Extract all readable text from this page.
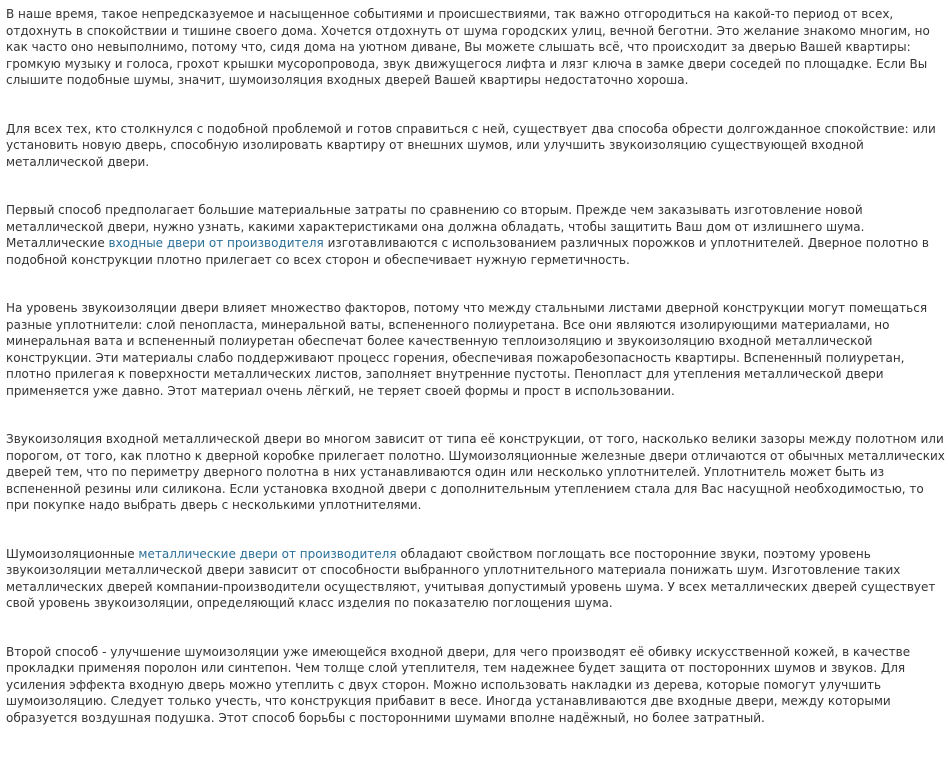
В наше время, такое непредсказуемое и насыщенное событиями и происшествиями, так важно отгородиться на какой-то период от всех, отдохнуть в спокойствии и тишине своего дома. Хочется отдохнуть от шума городских улиц, вечной беготни. Это желание знакомо многим, но как часто оно невыполнимо, потому что, сидя дома на уютном диване, Вы можете слышать всё, что происходит за дверью Вашей квартиры: громкую музыку и голоса, грохот крышки мусоропровода, звук движущегося лифта и лязг ключа в замке двери соседей по площадке. Если Вы слышите подобные шумы, значит, шумоизоляция входных дверей Вашей квартиры недостаточно хороша.

Для всех тех, кто столкнулся с подобной проблемой и готов справиться с ней, существует два способа обрести долгожданное спокойствие: или установить новую дверь, способную изолировать квартиру от внешних шумов, или улучшить звукоизоляцию существующей входной металлической двери.

Первый способ предполагает большие материальные затраты по сравнению со вторым. Прежде чем заказывать изготовление новой металлической двери, нужно узнать, какими характеристиками она должна обладать, чтобы защитить Ваш дом от излишнего шума. Металлические входные двери от производителя изготавливаются с использованием различных порожков и уплотнителей. Дверное полотно в подобной конструкции плотно прилегает со всех сторон и обеспечивает нужную герметичность.

На уровень звукоизоляции двери влияет множество факторов, потому что между стальными листами дверной конструкции могут помещаться разные уплотнители: слой пенопласта, минеральной ваты, вспененного полиуретана. Все они являются изолирующими материалами, но минеральная вата и вспененный полиуретан обеспечат более качественную теплоизоляцию и звукоизоляцию входной металлической конструкции. Эти материалы слабо поддерживают процесс горения, обеспечивая пожаробезопасность квартиры. Вспененный полиуретан, плотно прилегая к поверхности металлических листов, заполняет внутренние пустоты. Пенопласт для утепления металлической двери применяется уже давно. Этот материал очень лёгкий, не теряет своей формы и прост в использовании.

Звукоизоляция входной металлической двери во многом зависит от типа её конструкции, от того, насколько велики зазоры между полотном или порогом, от того, как плотно к дверной коробке прилегает полотно. Шумоизоляционные железные двери отличаются от обычных металлических дверей тем, что по периметру дверного полотна в них устанавливаются один или несколько уплотнителей. Уплотнитель может быть из вспененной резины или силикона. Если установка входной двери с дополнительным утеплением стала для Вас насущной необходимостью, то при покупке надо выбрать дверь с несколькими уплотнителями.

Шумоизоляционные металлические двери от производителя обладают свойством поглощать все посторонние звуки, поэтому уровень звукоизоляции металлической двери зависит от способности выбранного уплотнительного материала понижать шум. Изготовление таких металлических дверей компании-производители осуществляют, учитывая допустимый уровень шума. У всех металлических дверей существует свой уровень звукоизоляции, определяющий класс изделия по показателю поглощения шума.

Второй способ - улучшение шумоизоляции уже имеющейся входной двери, для чего производят её обивку искусственной кожей, в качестве прокладки применяя поролон или синтепон. Чем толще слой утеплителя, тем надежнее будет защита от посторонних шумов и звуков. Для усиления эффекта входную дверь можно утеплить с двух сторон. Можно использовать накладки из дерева, которые помогут улучшить шумоизоляцию. Следует только учесть, что конструкция прибавит в весе. Иногда устанавливаются две входные двери, между которыми образуется воздушная подушка. Этот способ борьбы с посторонними шумами вполне надёжный, но более затратный.
